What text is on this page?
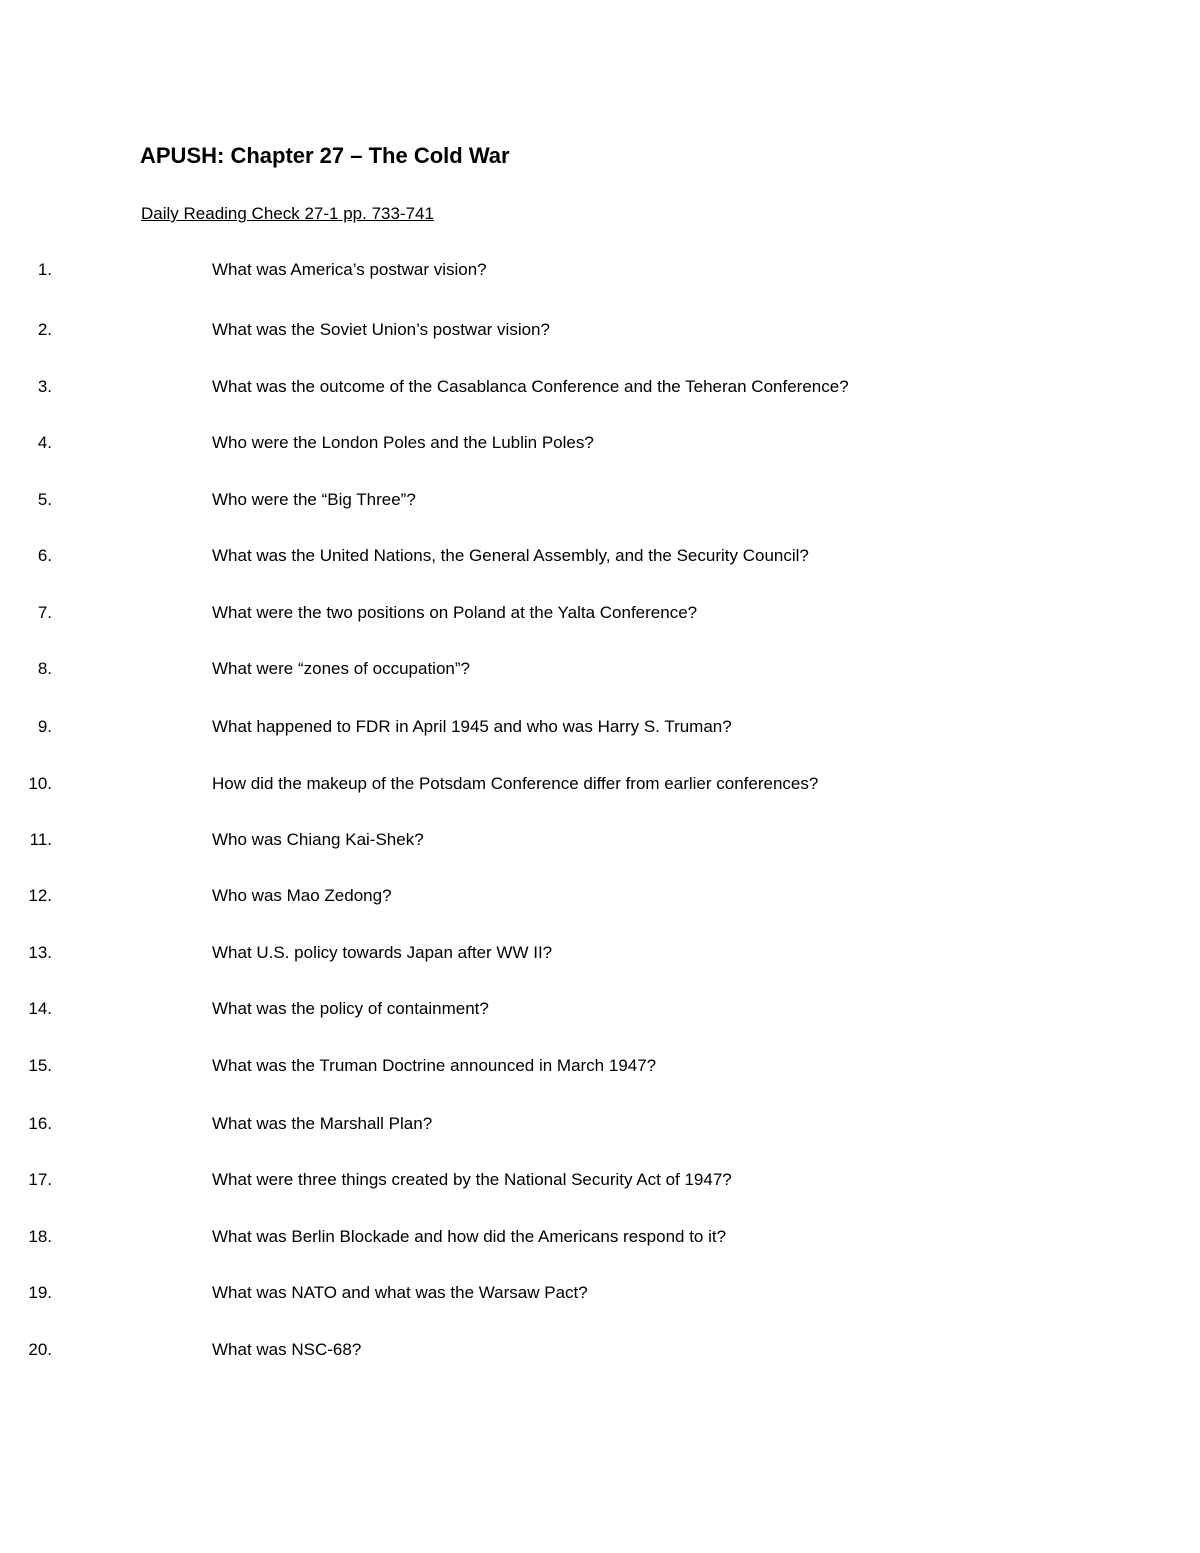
APUSH: Chapter 27 – The Cold War
Daily Reading Check 27-1 pp. 733-741
1.	What was America’s postwar vision?
2.	What was the Soviet Union’s postwar vision?
3.	What was the outcome of the Casablanca Conference and the Teheran Conference?
4.	Who were the London Poles and the Lublin Poles?
5.	Who were the “Big Three”?
6.	What was the United Nations, the General Assembly, and the Security Council?
7.	What were the two positions on Poland at the Yalta Conference?
8.	What were “zones of occupation”?
9.	What happened to FDR in April 1945 and who was Harry S. Truman?
10.	How did the makeup of the Potsdam Conference differ from earlier conferences?
11.	Who was Chiang Kai-Shek?
12.	Who was Mao Zedong?
13.	What U.S. policy towards Japan after WW II?
14.	What was the policy of containment?
15.	What was the Truman Doctrine announced in March 1947?
16.	What was the Marshall Plan?
17.	What were three things created by the National Security Act of 1947?
18.	What was Berlin Blockade and how did the Americans respond to it?
19.	What was NATO and what was the Warsaw Pact?
20.	What was NSC-68?
